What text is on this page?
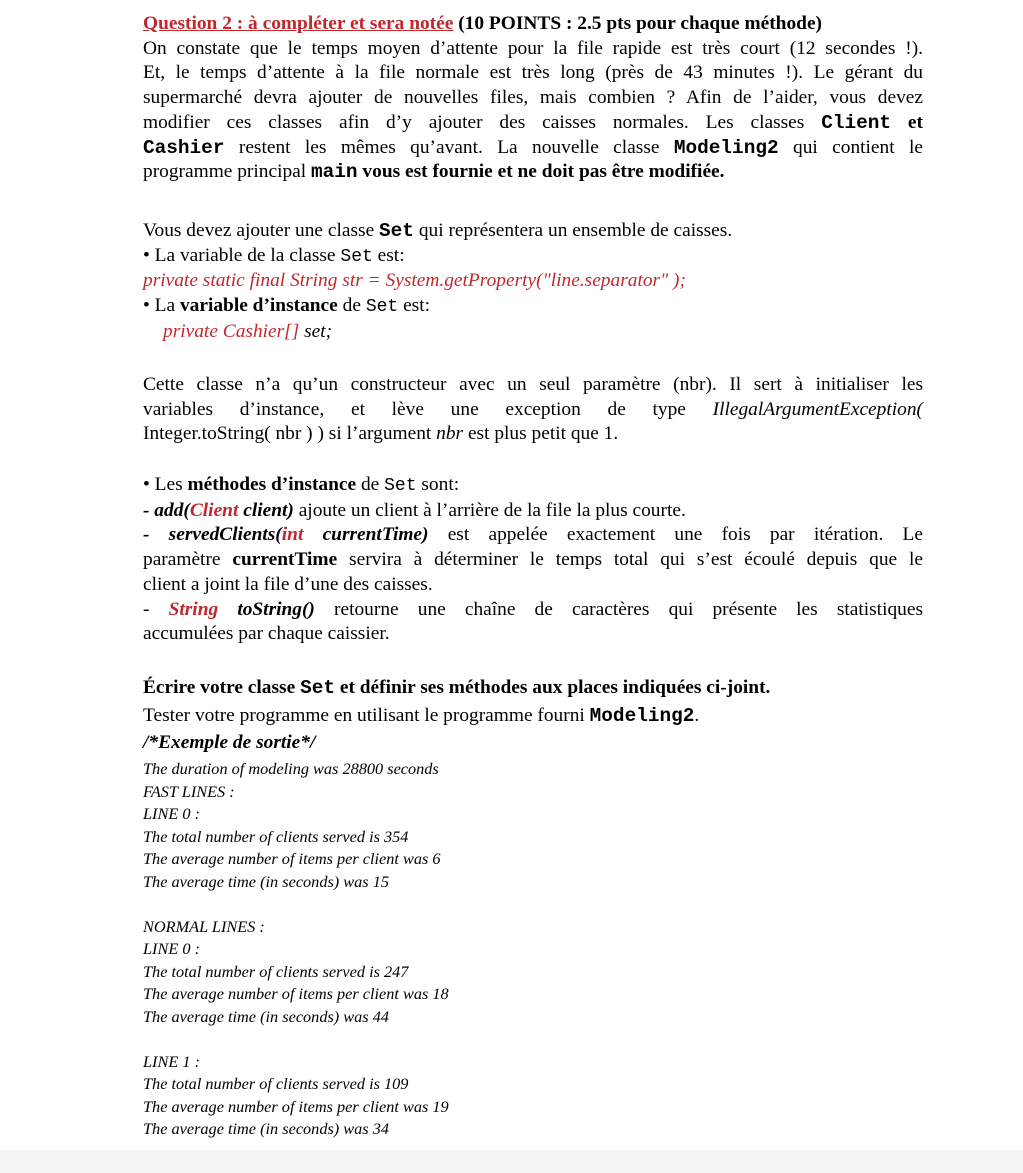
Question 2 : à compléter et sera notée (10 POINTS : 2.5 pts pour chaque méthode)
On constate que le temps moyen d’attente pour la file rapide est très court (12 secondes !).
Et, le temps d’attente à la file normale est très long (près de 43 minutes !). Le gérant du
supermarché devra ajouter de nouvelles files, mais combien ? Afin de l’aider, vous devez
modifier ces classes afin d’y ajouter des caisses normales. Les classes Client et
Cashier restent les mêmes qu’avant. La nouvelle classe Modeling2 qui contient le
programme principal main vous est fournie et ne doit pas être modifiée.
Vous devez ajouter une classe Set qui représentera un ensemble de caisses.
• La variable de la classe Set est:
private static final String str = System.getProperty("line.separator" );
• La variable d’instance de Set est:
private Cashier[] set;
Cette classe n’a qu’un constructeur avec un seul paramètre (nbr). Il sert à initialiser les
variables d’instance, et lève une exception de type IllegalArgumentException(
Integer.toString( nbr ) ) si l’argument nbr est plus petit que 1.
• Les méthodes d’instance de Set sont:
- add(Client client) ajoute un client à l’arrière de la file la plus courte.
- servedClients(int currentTime) est appelée exactement une fois par itération. Le
paramètre currentTime servira à déterminer le temps total qui s’est écoulé depuis que le
client a joint la file d’une des caisses.
- String toString() retourne une chaîne de caractères qui présente les statistiques
accumulées par chaque caissier.
Écrire votre classe Set et définir ses méthodes aux places indiquées ci-joint.
Tester votre programme en utilisant le programme fourni Modeling2.
/*Exemple de sortie*/
The duration of modeling was 28800 seconds
FAST LINES :
LINE 0 :
The total number of clients served is 354
The average number of items per client was 6
The average time (in seconds) was 15

NORMAL LINES :
LINE 0 :
The total number of clients served is 247
The average number of items per client was 18
The average time (in seconds) was 44

LINE 1 :
The total number of clients served is 109
The average number of items per client was 19
The average time (in seconds) was 34
